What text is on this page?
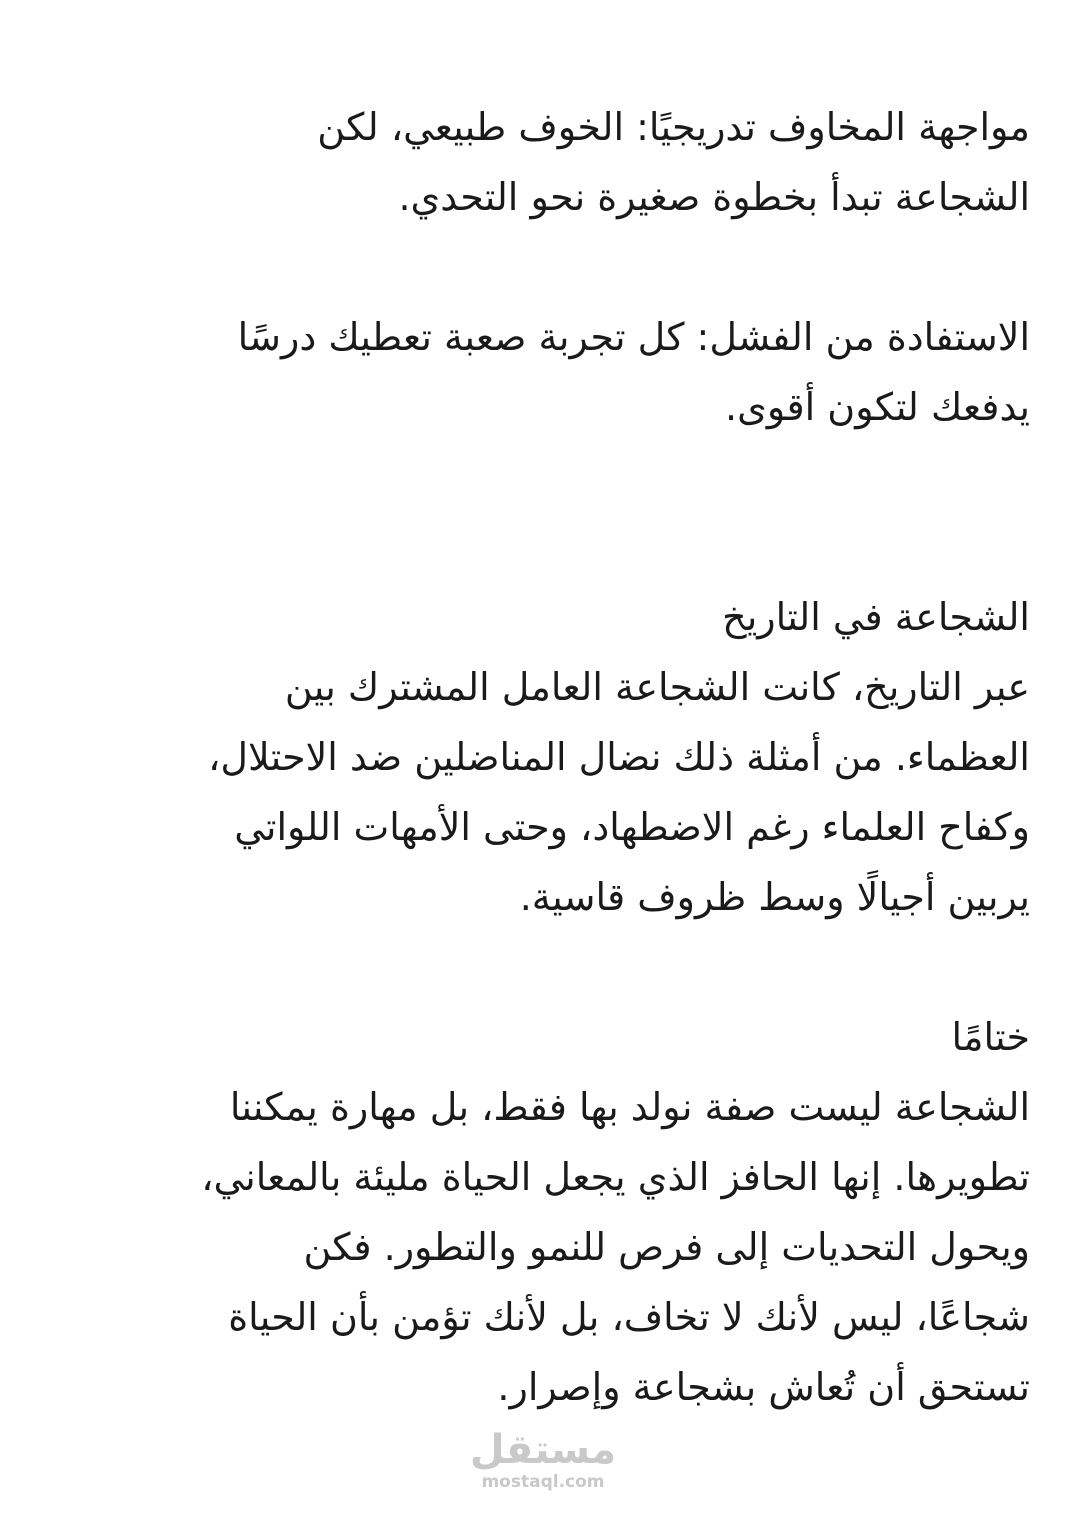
مواجهة المخاوف تدريجيًا: الخوف طبيعي، لكن
الشجاعة تبدأ بخطوة صغيرة نحو التحدي.
الاستفادة من الفشل: كل تجربة صعبة تعطيك درسًا
يدفعك لتكون أقوى.
الشجاعة في التاريخ
عبر التاريخ، كانت الشجاعة العامل المشترك بين
العظماء. من أمثلة ذلك نضال المناضلين ضد الاحتلال،
وكفاح العلماء رغم الاضطهاد، وحتى الأمهات اللواتي
يربين أجيالًا وسط ظروف قاسية.
ختامًا
الشجاعة ليست صفة نولد بها فقط، بل مهارة يمكننا
تطويرها. إنها الحافز الذي يجعل الحياة مليئة بالمعاني،
ويحول التحديات إلى فرص للنمو والتطور. فكن
شجاعًا، ليس لأنك لا تخاف، بل لأنك تؤمن بأن الحياة
تستحق أن تُعاش بشجاعة وإصرار.
مستقل
mostaql.com
